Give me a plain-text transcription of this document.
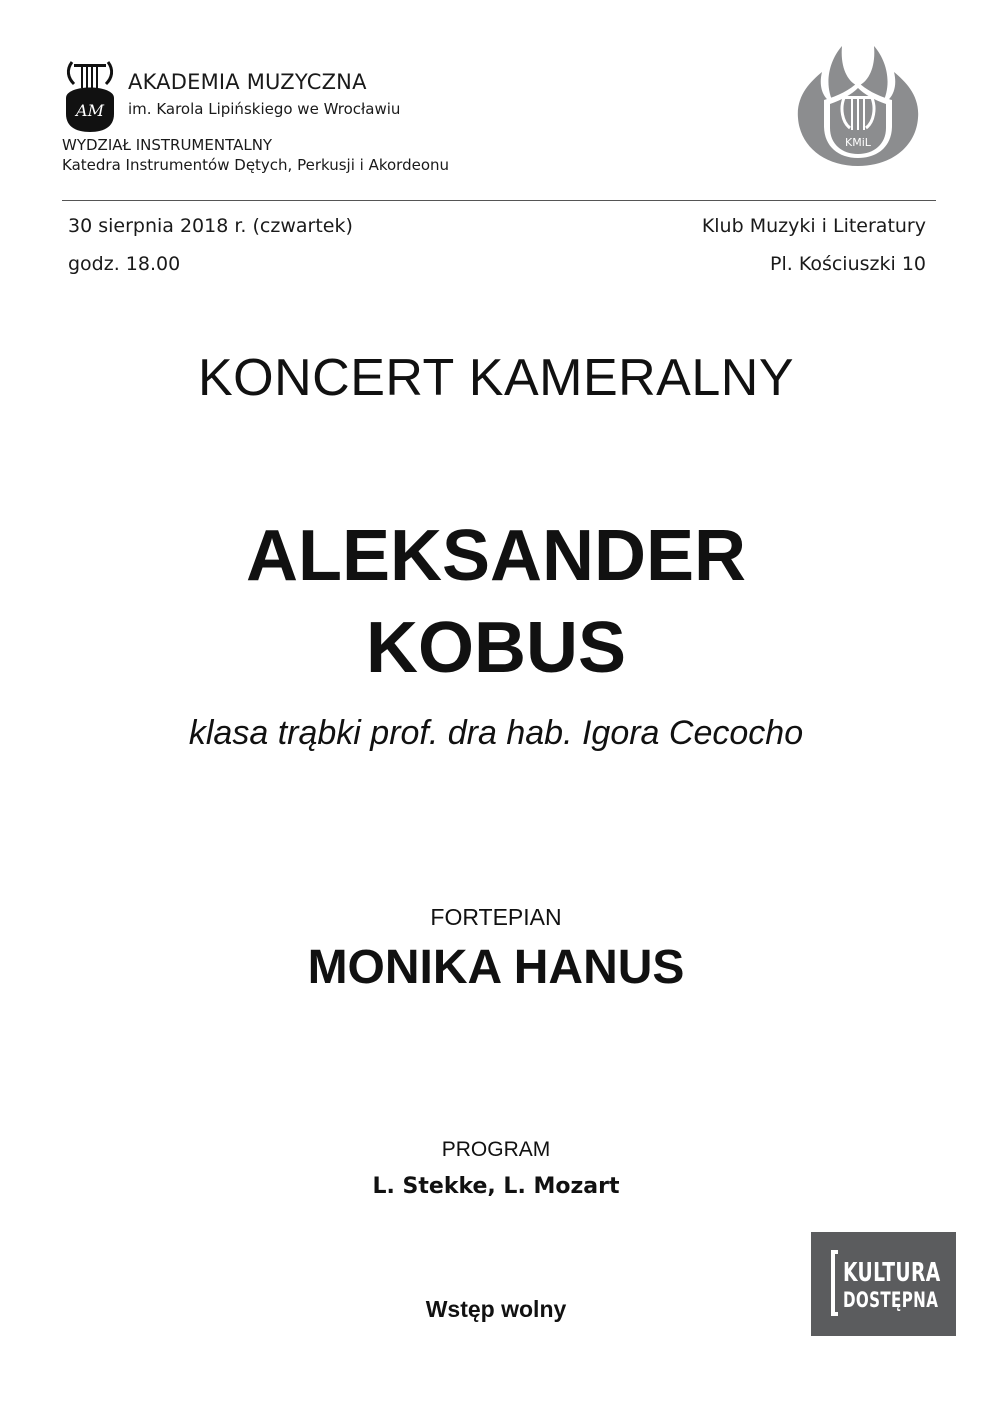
AM
AKADEMIA MUZYCZNA
im. Karola Lipińskiego we Wrocławiu
WYDZIAŁ INSTRUMENTALNY
Katedra Instrumentów Dętych, Perkusji i Akordeonu
W
KMiL
30 sierpnia 2018 r. (czwartek)
godz. 18.00
Klub Muzyki i Literatury
Pl. Kościuszki 10
KONCERT KAMERALNY
ALEKSANDER
KOBUS
klasa trąbki prof. dra hab. Igora Cecocho
FORTEPIAN
MONIKA HANUS
PROGRAM
L. Stekke, L. Mozart
Wstęp wolny
KULTURA
DOSTĘPNA
